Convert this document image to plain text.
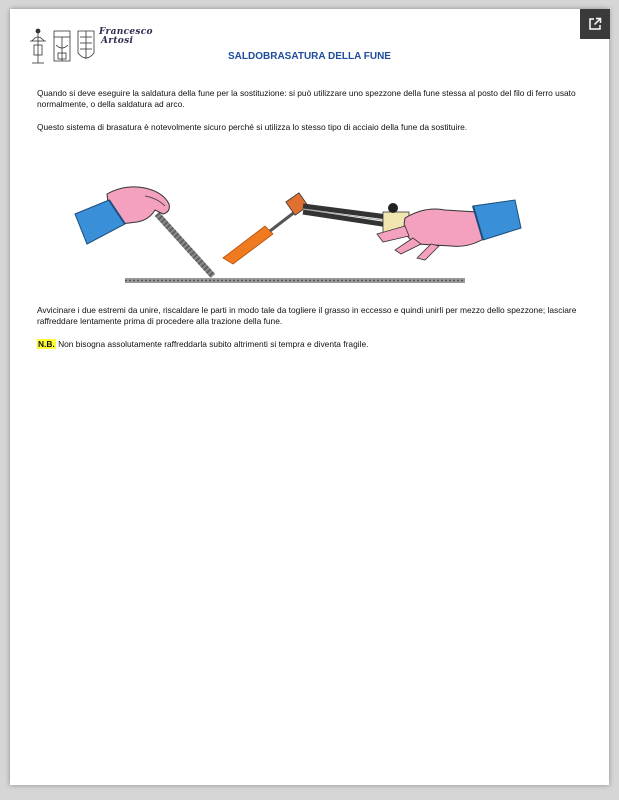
Francesco
Artosi
SALDOBRASATURA DELLA FUNE

Quando si deve eseguire la saldatura della fune per la sostituzione: si può utilizzare uno spezzone della fune stessa al posto del filo di ferro usato normalmente, o della saldatura ad arco.

Questo sistema di brasatura è notevolmente sicuro perché si utilizza lo stesso tipo di acciaio della fune da sostituire.

Avvicinare i due estremi da unire, riscaldare le parti in modo tale da togliere il grasso in eccesso e quindi unirli per mezzo dello spezzone; lasciare raffreddare lentamente prima di procedere alla trazione della fune.

N.B. Non bisogna assolutamente raffreddarla subito altrimenti si tempra e diventa fragile.
